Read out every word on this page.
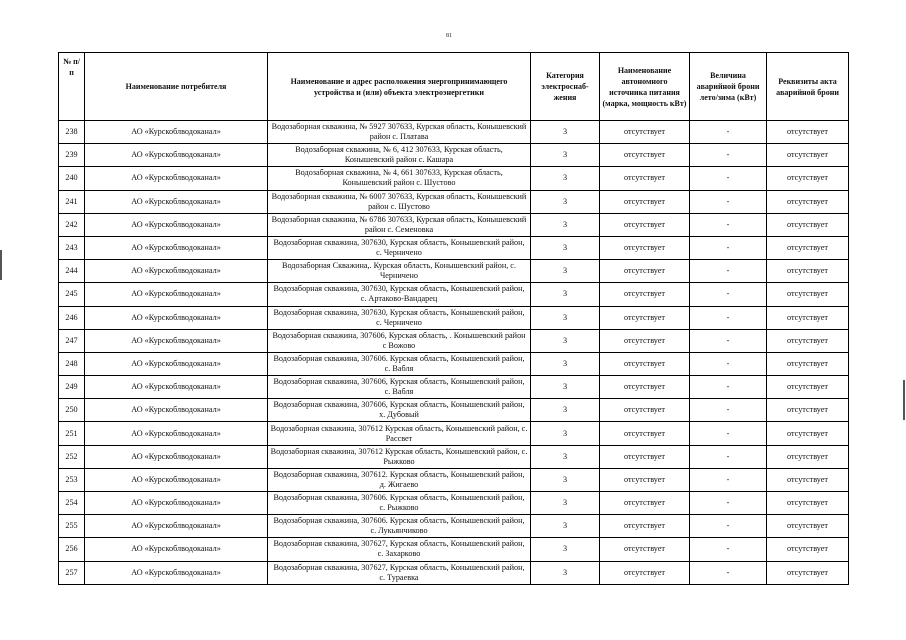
81
№ п/п	Наименование потребителя	Наименование и адрес расположения энергопринимающего устройства и (или) объекта электроэнергетики	Категория электроснаб-жения	Наименование автономного источника питания (марка, мощность кВт)	Величина аварийной брони лето/зима (кВт)	Реквизиты акта аварийной брони
238	АО «Курскоблводоканал»	Водозаборная скважина, № 5927 307633, Курская область, Конышевский район с. Платава	3	отсутствует	-	отсутствует
239	АО «Курскоблводоканал»	Водозаборная скважина, № 6, 412 307633, Курская область, Конышевский район с. Кашара	3	отсутствует	-	отсутствует
240	АО «Курскоблводоканал»	Водозаборная скважина, № 4, 661 307633, Курская область, Конышевский район с. Шустово	3	отсутствует	-	отсутствует
241	АО «Курскоблводоканал»	Водозаборная скважина, № 6007 307633, Курская область, Конышевский район с. Шустово	3	отсутствует	-	отсутствует
242	АО «Курскоблводоканал»	Водозаборная скважина, № 6786 307633, Курская область, Конышевский район с. Семеновка	3	отсутствует	-	отсутствует
243	АО «Курскоблводоканал»	Водозаборная скважина, 307630, Курская область, Конышевский район, с. Черничено	3	отсутствует	-	отсутствует
244	АО «Курскоблводоканал»	Водозаборная Скважина,. Курская область, Конышевский район, с. Черничено	3	отсутствует	-	отсутствует
245	АО «Курскоблводоканал»	Водозаборная скважина, 307630, Курская область, Конышевский район, с. Артаково-Вандарец	3	отсутствует	-	отсутствует
246	АО «Курскоблводоканал»	Водозаборная скважина, 307630, Курская область, Конышевский район, с. Черничено	3	отсутствует	-	отсутствует
247	АО «Курскоблводоканал»	Водозаборная скважина, 307606, Курская область, . Конышевский район с Вожово	3	отсутствует	-	отсутствует
248	АО «Курскоблводоканал»	Водозаборная скважина, 307606. Курская область, Конышевский район, с. Вабля	3	отсутствует	-	отсутствует
249	АО «Курскоблводоканал»	Водозаборная скважина, 307606, Курская область, Конышевский район, с. Вабля	3	отсутствует	-	отсутствует
250	АО «Курскоблводоканал»	Водозаборная скважина, 307606, Курская область, Конышевский район, х. Дубовый	3	отсутствует	-	отсутствует
251	АО «Курскоблводоканал»	Водозаборная скважина, 307612 Курская область, Конышевский район, с. Рассвет	3	отсутствует	-	отсутствует
252	АО «Курскоблводоканал»	Водозаборная скважина, 307612 Курская область, Конышевский район, с. Рыжково	3	отсутствует	-	отсутствует
253	АО «Курскоблводоканал»	Водозаборная скважина, 307612. Курская область, Конышевский район, д. Жигаево	3	отсутствует	-	отсутствует
254	АО «Курскоблводоканал»	Водозаборная скважина, 307606. Курская область, Конышевский район, с. Рыжково	3	отсутствует	-	отсутствует
255	АО «Курскоблводоканал»	Водозаборная скважина, 307606. Курская область, Конышевский район, с. Лукьянчиково	3	отсутствует	-	отсутствует
256	АО «Курскоблводоканал»	Водозаборная скважина, 307627, Курская область, Конышевский район, с. Захарково	3	отсутствует	-	отсутствует
257	АО «Курскоблводоканал»	Водозаборная скважина, 307627, Курская область, Конышевский район, с. Тураевка	3	отсутствует	-	отсутствует
